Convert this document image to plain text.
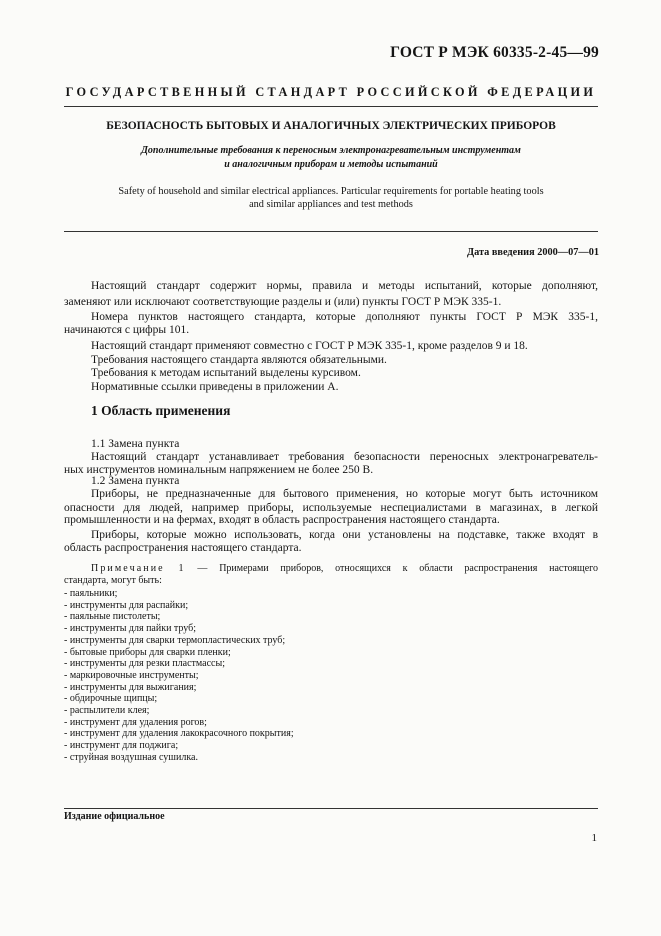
ГОСТ Р МЭК 60335-2-45—99
ГОСУДАРСТВЕННЫЙ СТАНДАРТ РОССИЙСКОЙ ФЕДЕРАЦИИ
БЕЗОПАСНОСТЬ БЫТОВЫХ И АНАЛОГИЧНЫХ ЭЛЕКТРИЧЕСКИХ ПРИБОРОВ
Дополнительные требования к переносным электронагревательным инструментам
и аналогичным приборам и методы испытаний
Safety of household and similar electrical appliances. Particular requirements for portable heating tools
and similar appliances and test methods
Дата введения 2000—07—01
Настоящий стандарт содержит нормы, правила и методы испытаний, которые дополняют,
заменяют или исключают соответствующие разделы и (или) пункты ГОСТ Р МЭК 335-1.
Номера пунктов настоящего стандарта, которые дополняют пункты ГОСТ Р МЭК 335-1,
начинаются с цифры 101.
Настоящий стандарт применяют совместно с ГОСТ Р МЭК 335-1, кроме разделов 9 и 18.
Требования настоящего стандарта являются обязательными.
Требования к методам испытаний выделены курсивом.
Нормативные ссылки приведены в приложении А.
1 Область применения
1.1 Замена пункта
Настоящий стандарт устанавливает требования безопасности переносных электронагреватель-
ных инструментов номинальным напряжением не более 250 В.
1.2 Замена пункта
Приборы, не предназначенные для бытового применения, но которые могут быть источником
опасности для людей, например приборы, используемые неспециалистами в магазинах, в легкой
промышленности и на фермах, входят в область распространения настоящего стандарта.
Приборы, которые можно использовать, когда они установлены на подставке, также входят в
область распространения настоящего стандарта.
Примечание 1 — Примерами приборов, относящихся к области распространения настоящего
стандарта, могут быть:
- паяльники;
- инструменты для распайки;
- паяльные пистолеты;
- инструменты для пайки труб;
- инструменты для сварки термопластических труб;
- бытовые приборы для сварки пленки;
- инструменты для резки пластмассы;
- маркировочные инструменты;
- инструменты для выжигания;
- обдирочные щипцы;
- распылители клея;
- инструмент для удаления рогов;
- инструмент для удаления лакокрасочного покрытия;
- инструмент для поджига;
- струйная воздушная сушилка.
Издание официальное
1
